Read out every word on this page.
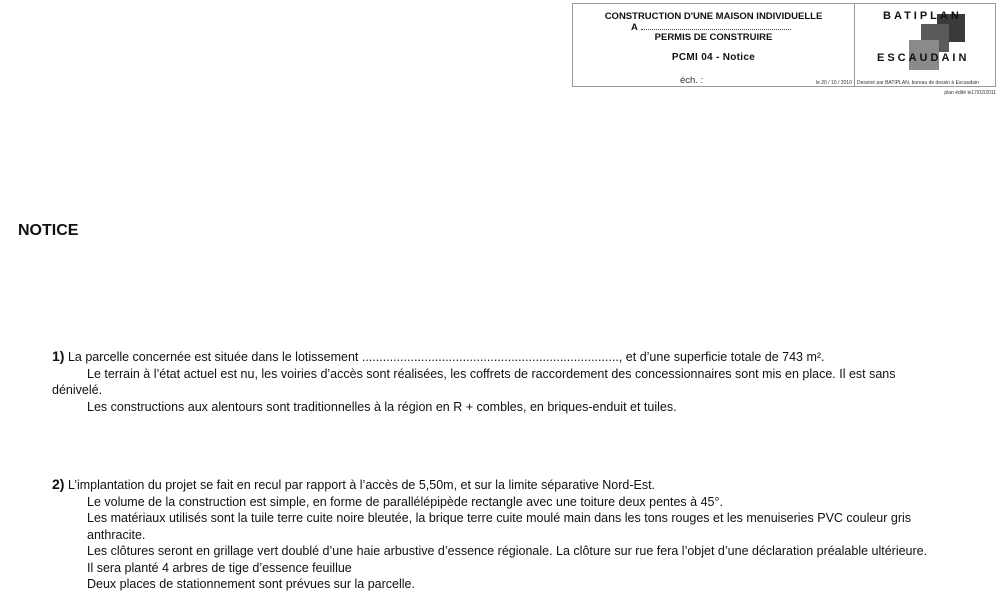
CONSTRUCTION D'UNE MAISON INDIVIDUELLE
A
PERMIS DE CONSTRUIRE
PCMI 04 - Notice
éch. :	le 20 / 10 / 2010
BATIPLAN
ESCAUDAIN
Dessiné par BATIPLAN, bureau de dessin à Escaudain
plan édité le17/02/2011
NOTICE
1) La parcelle concernée est située dans le lotissement .........................................................................., et d’une superficie totale de 743 m².
Le terrain à l’état actuel est nu, les voiries d’accès sont réalisées, les coffrets de raccordement des concessionnaires sont mis en place. Il est sans
dénivelé.
Les constructions aux alentours sont traditionnelles à la région en R + combles, en briques-enduit et tuiles.
2) L’implantation du projet se fait en recul par rapport à l’accès de 5,50m, et sur la limite séparative Nord-Est.
Le volume de la construction est simple, en forme de parallélépipède rectangle avec une toiture deux pentes à 45°.
Les matériaux utilisés sont la tuile terre cuite noire bleutée, la brique terre cuite moulé main dans les tons rouges et les menuiseries PVC couleur gris
anthracite.
Les clôtures seront en grillage vert doublé d’une haie arbustive d’essence régionale. La clôture sur rue fera l’objet d’une déclaration préalable ultérieure.
Il sera planté 4 arbres de tige d’essence feuillue
Deux places de stationnement sont prévues sur la parcelle.
